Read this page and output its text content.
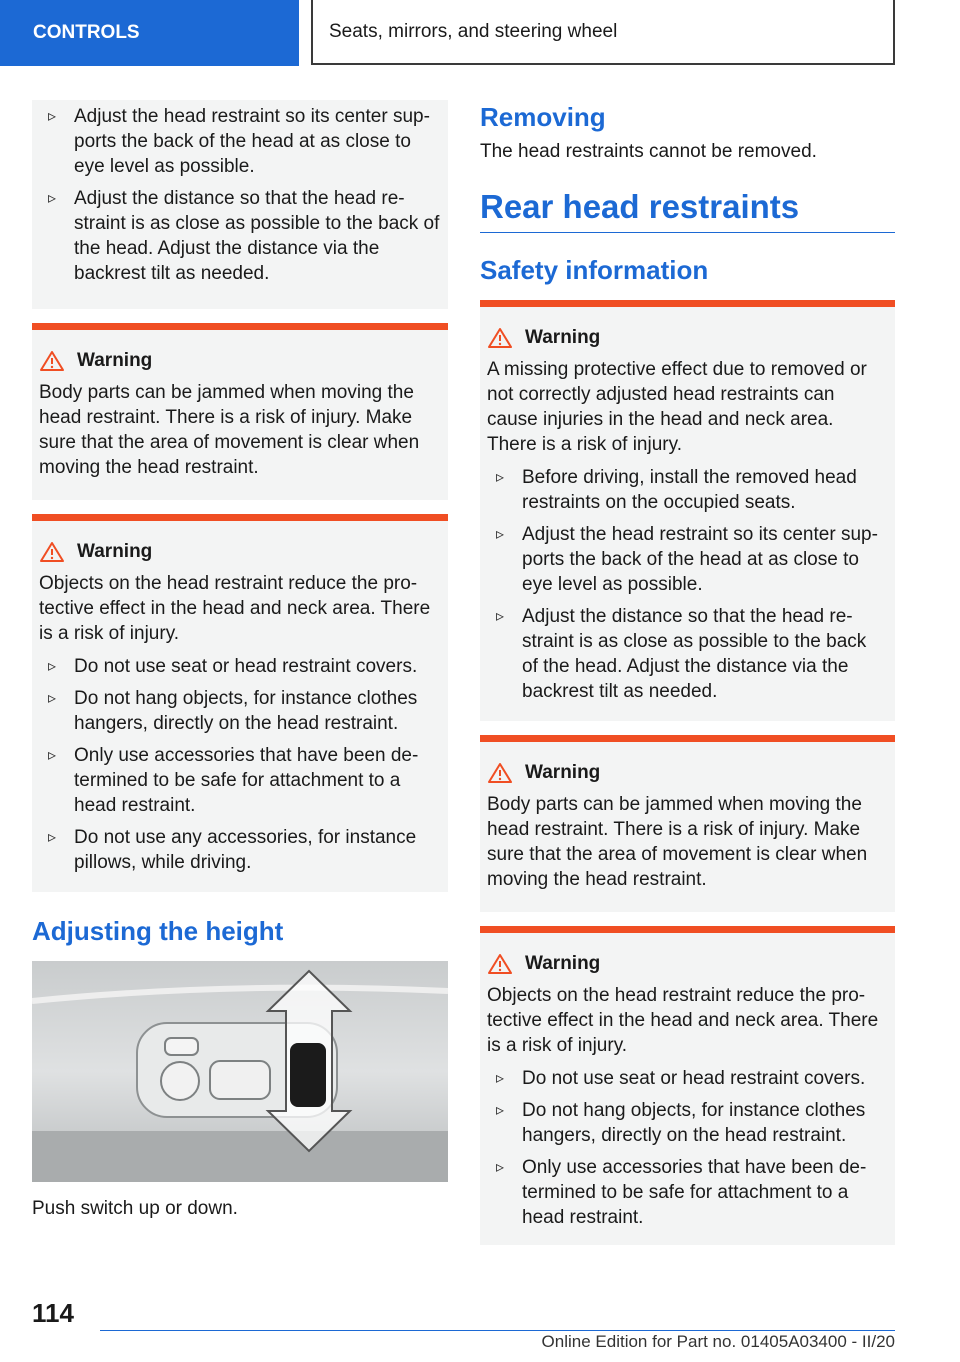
CONTROLS	Seats, mirrors, and steering wheel
▹ Adjust the head restraint so its center sup-ports the back of the head at as close to eye level as possible.
▹ Adjust the distance so that the head re-straint is as close as possible to the back of the head. Adjust the distance via the backrest tilt as needed.
Warning

Body parts can be jammed when moving the head restraint. There is a risk of injury. Make sure that the area of movement is clear when moving the head restraint.

Warning

Objects on the head restraint reduce the pro-tective effect in the head and neck area. There is a risk of injury.

▹ Do not use seat or head restraint covers.
▹ Do not hang objects, for instance clothes hangers, directly on the head restraint.
▹ Only use accessories that have been de-termined to be safe for attachment to a head restraint.
▹ Do not use any accessories, for instance pillows, while driving.
Adjusting the height

Push switch up or down.

Removing

The head restraints cannot be removed.

Rear head restraints
Safety information
Warning

A missing protective effect due to removed or not correctly adjusted head restraints can cause injuries in the head and neck area. There is a risk of injury.

▹ Before driving, install the removed head restraints on the occupied seats.
▹ Adjust the head restraint so its center sup-ports the back of the head at as close to eye level as possible.
▹ Adjust the distance so that the head re-straint is as close as possible to the back of the head. Adjust the distance via the backrest tilt as needed.
Warning

Body parts can be jammed when moving the head restraint. There is a risk of injury. Make sure that the area of movement is clear when moving the head restraint.

Warning

Objects on the head restraint reduce the pro-tective effect in the head and neck area. There is a risk of injury.

▹ Do not use seat or head restraint covers.
▹ Do not hang objects, for instance clothes hangers, directly on the head restraint.
▹ Only use accessories that have been de-termined to be safe for attachment to a head restraint.
114
Online Edition for Part no. 01405A03400 - II/20
